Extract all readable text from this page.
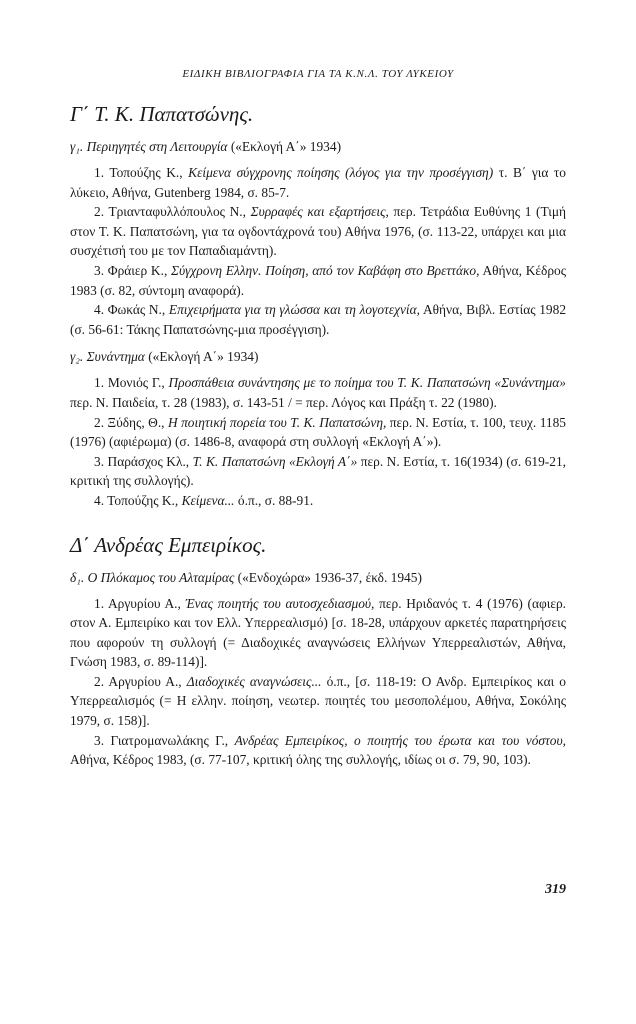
ΕΙΔΙΚΗ ΒΙΒΛΙΟΓΡΑΦΙΑ ΓΙΑ ΤΑ Κ.Ν.Λ. ΤΟΥ ΛΥΚΕΙΟΥ
Γ΄ Τ. Κ. Παπατσώνης.
γ₁. Περιηγητές στη Λειτουργία («Εκλογή Α΄» 1934)

1. Τοπούζης Κ., Κείμενα σύγχρονης ποίησης (λόγος για την προσέγγιση) τ. Β΄ για το λύκειο, Αθήνα, Gutenberg 1984, σ. 85-7.

2. Τριανταφυλλόπουλος Ν., Συρραφές και εξαρτήσεις, περ. Τετράδια Ευθύνης 1 (Τιμή στον Τ. Κ. Παπατσώνη, για τα ογδοντάχρονά του) Αθήνα 1976, (σ. 113-22, υπάρχει και μια συσχέτισή του με τον Παπαδιαμάντη).

3. Φράιερ Κ., Σύγχρονη Ελλην. Ποίηση, από τον Καβάφη στο Βρεττάκο, Αθήνα, Κέδρος 1983 (σ. 82, σύντομη αναφορά).

4. Φωκάς Ν., Επιχειρήματα για τη γλώσσα και τη λογοτεχνία, Αθήνα, Βιβλ. Εστίας 1982 (σ. 56-61: Τάκης Παπατσώνης-μια προσέγγιση).

γ₂. Συνάντημα («Εκλογή Α΄» 1934)

1. Μονιός Γ., Προσπάθεια συνάντησης με το ποίημα του Τ. Κ. Παπατσώνη «Συνάντημα» περ. Ν. Παιδεία, τ. 28 (1983), σ. 143-51 / = περ. Λόγος και Πράξη τ. 22 (1980).

2. Ξύδης, Θ., Η ποιητική πορεία του Τ. Κ. Παπατσώνη, περ. Ν. Εστία, τ. 100, τευχ. 1185 (1976) (αφιέρωμα) (σ. 1486-8, αναφορά στη συλλογή «Εκλογή Α΄»).

3. Παράσχος Κλ., Τ. Κ. Παπατσώνη «Εκλογή Α΄» περ. Ν. Εστία, τ. 16(1934) (σ. 619-21, κριτική της συλλογής).

4. Τοπούζης Κ., Κείμενα... ό.π., σ. 88-91.

Δ΄ Ανδρέας Εμπειρίκος.
δ₁. Ο Πλόκαμος του Αλταμίρας («Ενδοχώρα» 1936-37, έκδ. 1945)

1. Αργυρίου Α., Ένας ποιητής του αυτοσχεδιασμού, περ. Ηριδανός τ. 4 (1976) (αφιερ. στον Α. Εμπειρίκο και τον Ελλ. Υπερρεαλισμό) [σ. 18-28, υπάρχουν αρκετές παρατηρήσεις που αφορούν τη συλλογή (= Διαδοχικές αναγνώσεις Ελλήνων Υπερρεαλιστών, Αθήνα, Γνώση 1983, σ. 89-114)].

2. Αργυρίου Α., Διαδοχικές αναγνώσεις... ό.π., [σ. 118-19: Ο Ανδρ. Εμπειρίκος και ο Υπερρεαλισμός (= Η ελλην. ποίηση, νεωτερ. ποιητές του μεσοπολέμου, Αθήνα, Σοκόλης 1979, σ. 158)].

3. Γιατρομανωλάκης Γ., Ανδρέας Εμπειρίκος, ο ποιητής του έρωτα και του νόστου, Αθήνα, Κέδρος 1983, (σ. 77-107, κριτική όλης της συλλογής, ιδίως οι σ. 79, 90, 103).

319
